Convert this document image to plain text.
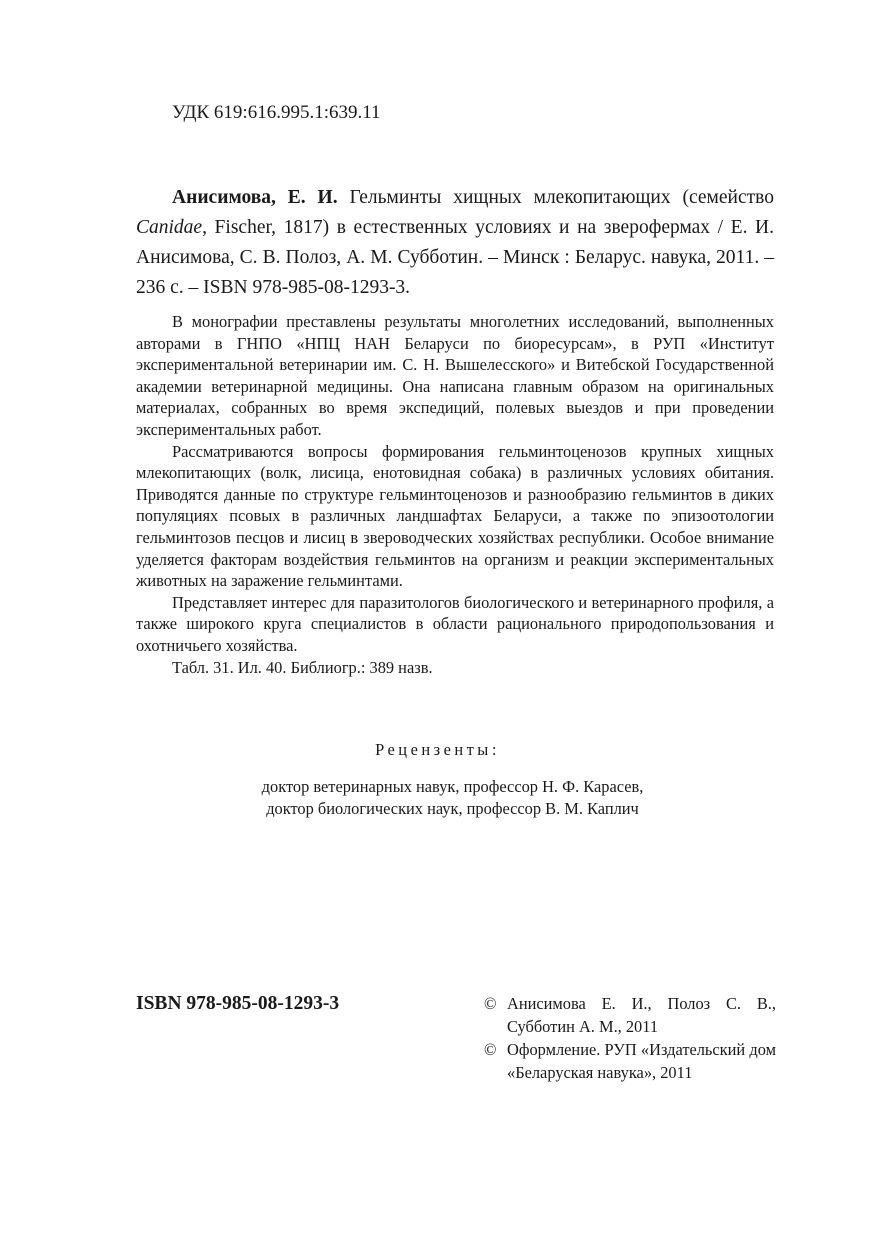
УДК 619:616.995.1:639.11
Анисимова, Е. И. Гельминты хищных млекопитающих (семейство Canidae, Fischer, 1817) в естественных условиях и на зверофермах / Е. И. Анисимова, С. В. Полоз, А. М. Субботин. – Минск : Беларус. навука, 2011. – 236 с. – ISBN 978-985-08-1293-3.

В монографии преставлены результаты многолетних исследований, выполненных авторами в ГНПО «НПЦ НАН Беларуси по биоресурсам», в РУП «Институт экспериментальной ветеринарии им. С. Н. Вышелесского» и Витебской Государственной академии ветеринарной медицины. Она написана главным образом на оригинальных материалах, собранных во время экспедиций, полевых выездов и при проведении экспериментальных работ.

Рассматриваются вопросы формирования гельминтоценозов крупных хищных млекопитающих (волк, лисица, енотовидная собака) в различных условиях обитания. Приводятся данные по структуре гельминтоценозов и разнообразию гельминтов в диких популяциях псовых в различных ландшафтах Беларуси, а также по эпизоотологии гельминтозов песцов и лисиц в звероводческих хозяйствах республики. Особое внимание уделяется факторам воздействия гельминтов на организм и реакции экспериментальных животных на заражение гельминтами.

Представляет интерес для паразитологов биологического и ветеринарного профиля, а также широкого круга специалистов в области рационального природопользования и охотничьего хозяйства.

Табл. 31. Ил. 40. Библиогр.: 389 назв.

Рецензенты:
доктор ветеринарных навук, профессор Н. Ф. Карасев,
доктор биологических наук, профессор В. М. Каплич
ISBN 978-985-08-1293-3	© Анисимова Е. И., Полоз С. В., Субботин А. М., 2011
© Оформление. РУП «Издательский дом «Беларуская навука», 2011
